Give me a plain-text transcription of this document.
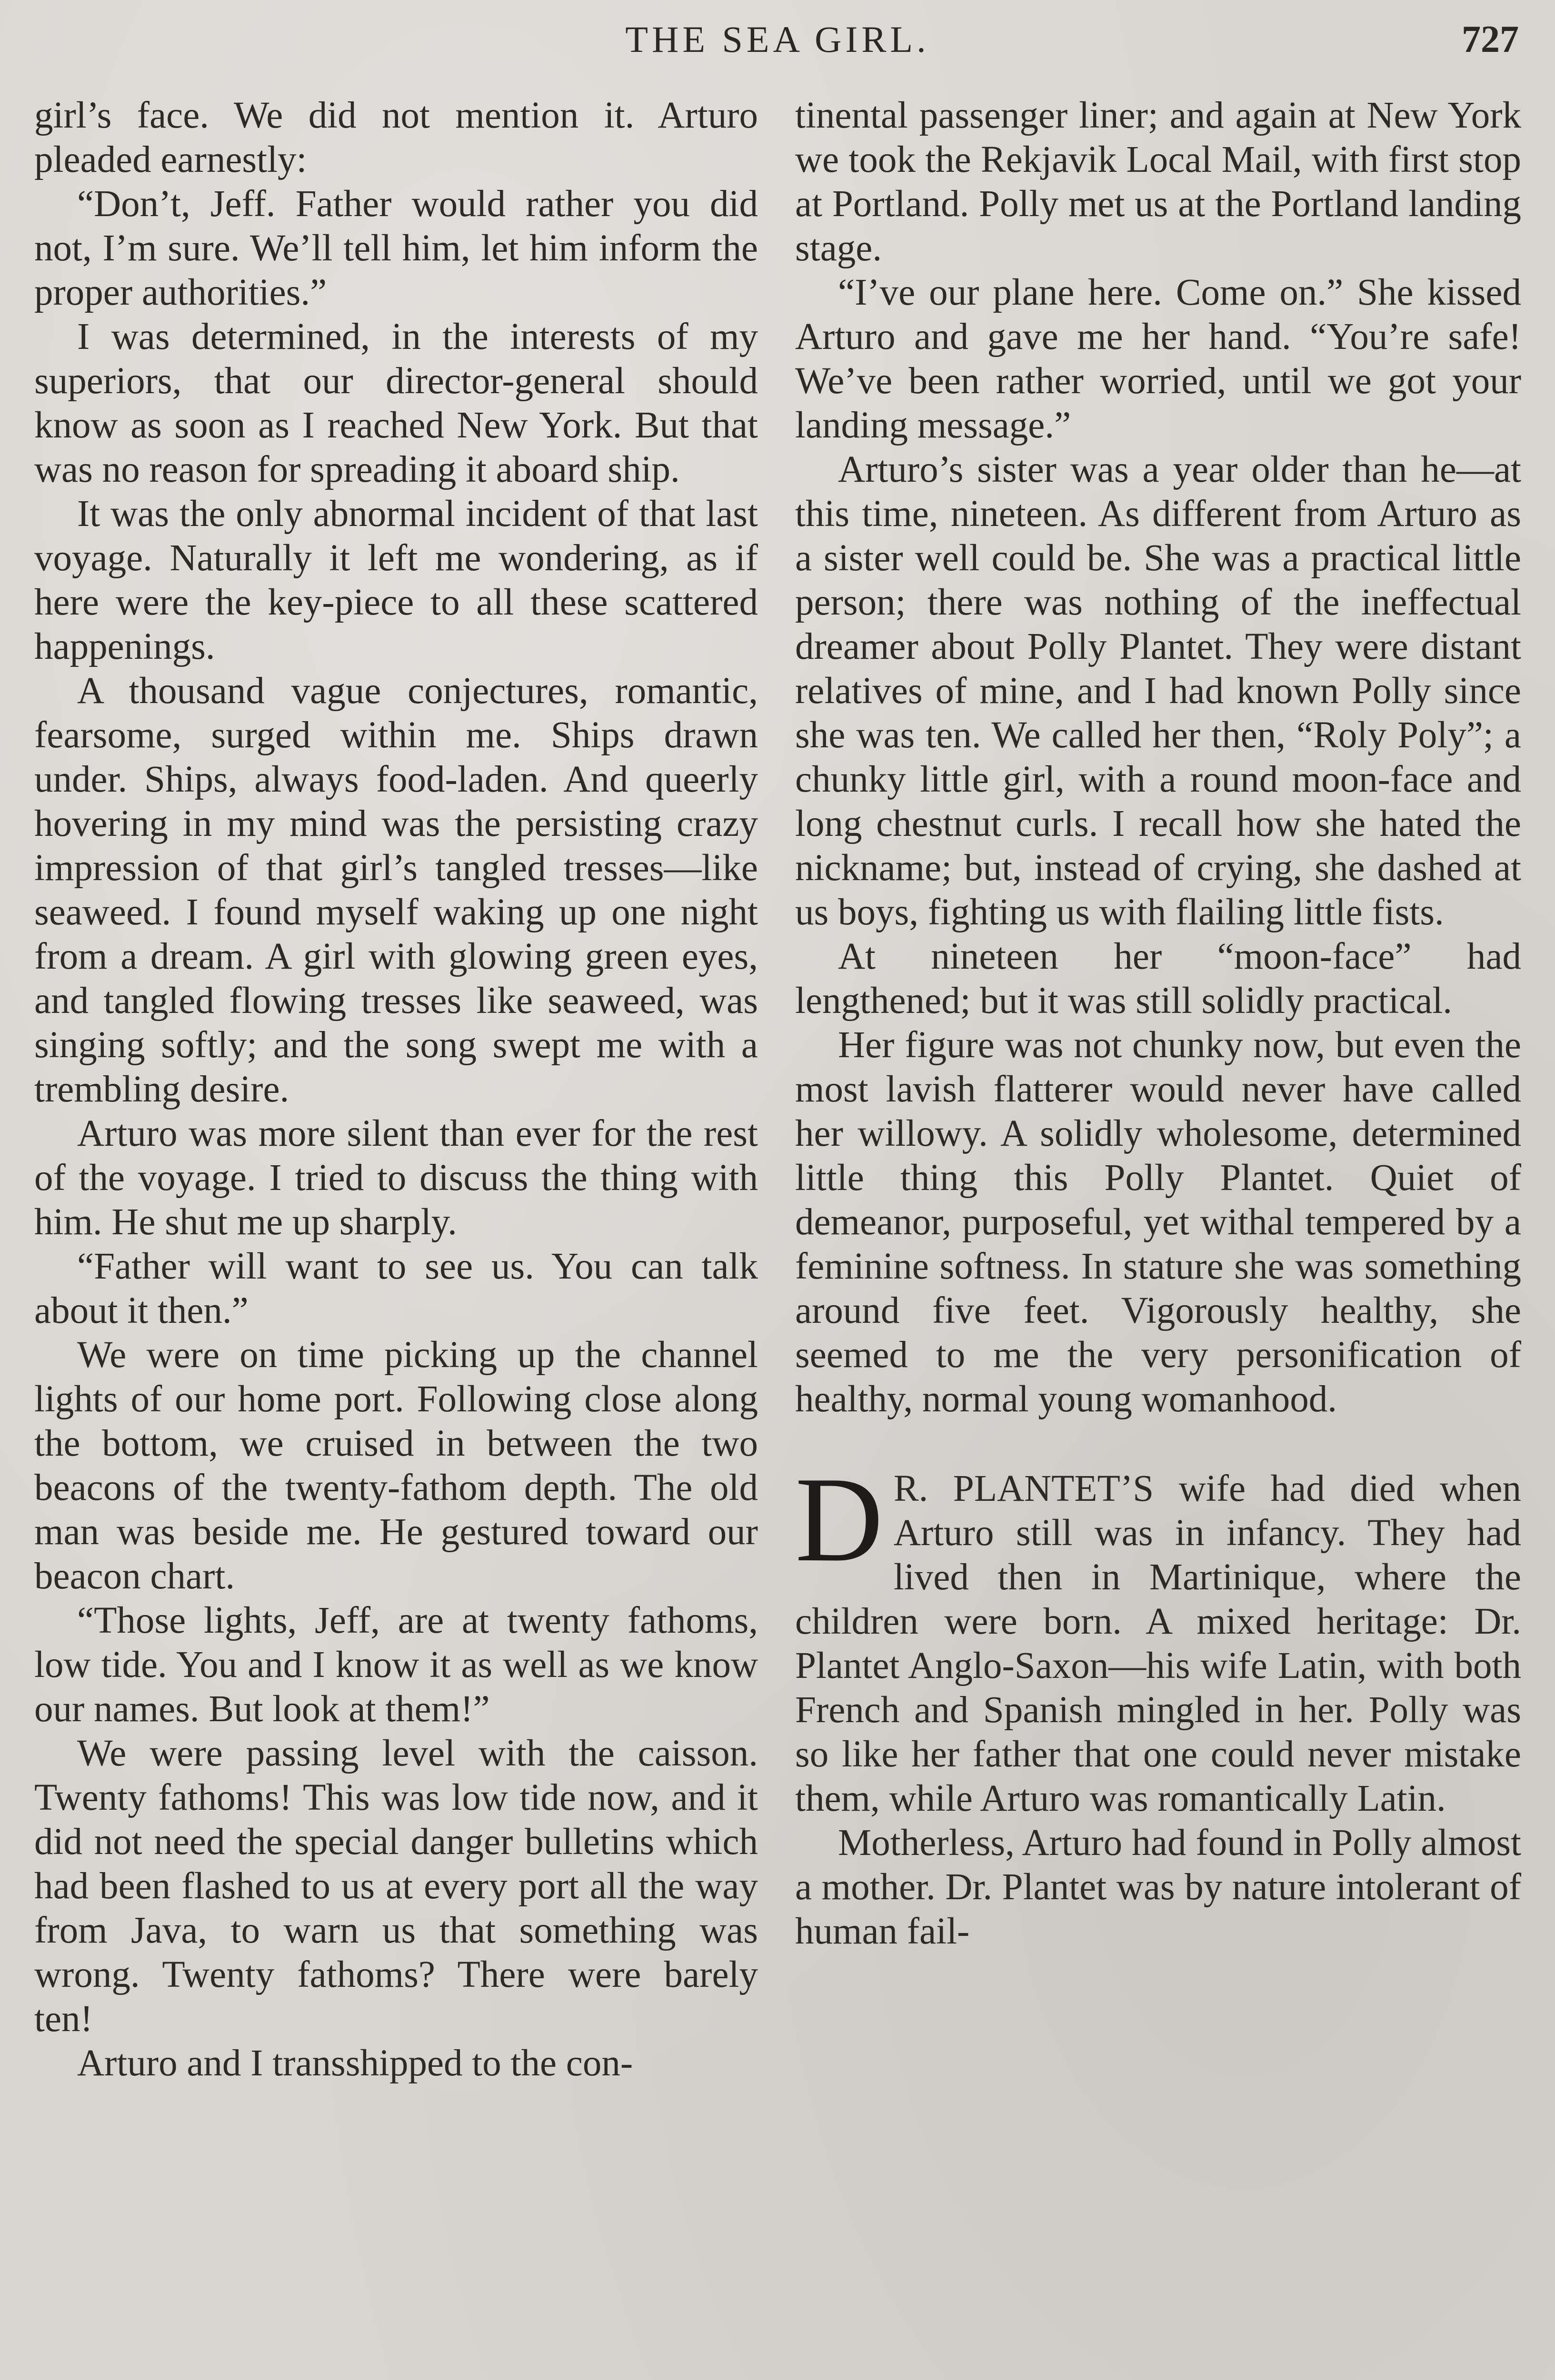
THE SEA GIRL.	727

girl’s face. We did not mention it. Arturo pleaded earnestly:

“Don’t, Jeff. Father would rather you did not, I’m sure. We’ll tell him, let him inform the proper authorities.”

I was determined, in the interests of my superiors, that our director-general should know as soon as I reached New York. But that was no reason for spreading it aboard ship.

It was the only abnormal incident of that last voyage. Naturally it left me wondering, as if here were the key-piece to all these scattered happenings.

A thousand vague conjectures, romantic, fearsome, surged within me. Ships drawn under. Ships, always food-laden. And queerly hovering in my mind was the persisting crazy impression of that girl’s tangled tresses—like seaweed. I found myself waking up one night from a dream. A girl with glowing green eyes, and tangled flowing tresses like seaweed, was singing softly; and the song swept me with a trembling desire.

Arturo was more silent than ever for the rest of the voyage. I tried to discuss the thing with him. He shut me up sharply.

“Father will want to see us. You can talk about it then.”

We were on time picking up the channel lights of our home port. Following close along the bottom, we cruised in between the two beacons of the twenty-fathom depth. The old man was beside me. He gestured toward our beacon chart.

“Those lights, Jeff, are at twenty fathoms, low tide. You and I know it as well as we know our names. But look at them!”

We were passing level with the caisson. Twenty fathoms! This was low tide now, and it did not need the special danger bulletins which had been flashed to us at every port all the way from Java, to warn us that something was wrong. Twenty fathoms? There were barely ten!

Arturo and I transshipped to the con-

tinental passenger liner; and again at New York we took the Rekjavik Local Mail, with first stop at Portland. Polly met us at the Portland landing stage.

“I’ve our plane here. Come on.” She kissed Arturo and gave me her hand. “You’re safe! We’ve been rather worried, until we got your landing message.”

Arturo’s sister was a year older than he—at this time, nineteen. As different from Arturo as a sister well could be. She was a practical little person; there was nothing of the ineffectual dreamer about Polly Plantet. They were distant relatives of mine, and I had known Polly since she was ten. We called her then, “Roly Poly”; a chunky little girl, with a round moon-face and long chestnut curls. I recall how she hated the nickname; but, instead of crying, she dashed at us boys, fighting us with flailing little fists.

At nineteen her “moon-face” had lengthened; but it was still solidly practical.

Her figure was not chunky now, but even the most lavish flatterer would never have called her willowy. A solidly wholesome, determined little thing this Polly Plantet. Quiet of demeanor, purposeful, yet withal tempered by a feminine softness. In stature she was something around five feet. Vigorously healthy, she seemed to me the very personification of healthy, normal young womanhood.

D R. PLANTET’S wife had died when Arturo still was in infancy. They had lived then in Martinique, where the children were born. A mixed heritage: Dr. Plantet Anglo-Saxon—his wife Latin, with both French and Spanish mingled in her. Polly was so like her father that one could never mistake them, while Arturo was romantically Latin.

Motherless, Arturo had found in Polly almost a mother. Dr. Plantet was by nature intolerant of human fail-
